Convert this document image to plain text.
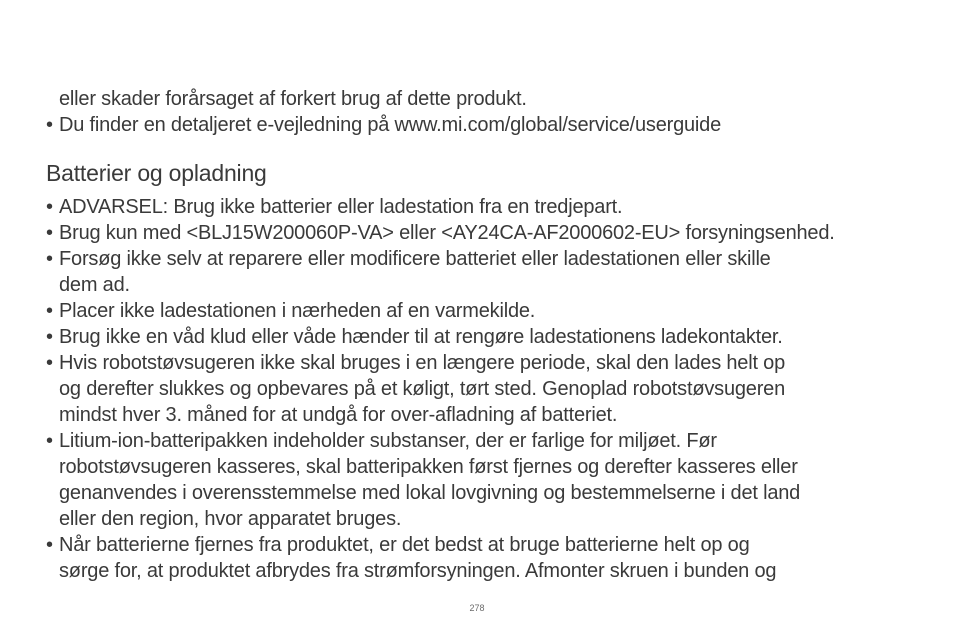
eller skader forårsaget af forkert brug af dette produkt.
• Du finder en detaljeret e-vejledning på www.mi.com/global/service/userguide
Batterier og opladning
• ADVARSEL: Brug ikke batterier eller ladestation fra en tredjepart.
• Brug kun med <BLJ15W200060P-VA> eller <AY24CA-AF2000602-EU> forsyningsenhed.
• Forsøg ikke selv at reparere eller modificere batteriet eller ladestationen eller skille
dem ad.
• Placer ikke ladestationen i nærheden af en varmekilde.
• Brug ikke en våd klud eller våde hænder til at rengøre ladestationens ladekontakter.
• Hvis robotstøvsugeren ikke skal bruges i en længere periode, skal den lades helt op
og derefter slukkes og opbevares på et køligt, tørt sted. Genoplad robotstøvsugeren
mindst hver 3. måned for at undgå for over-afladning af batteriet.
• Litium-ion-batteripakken indeholder substanser, der er farlige for miljøet. Før
robotstøvsugeren kasseres, skal batteripakken først fjernes og derefter kasseres eller
genanvendes i overensstemmelse med lokal lovgivning og bestemmelserne i det land
eller den region, hvor apparatet bruges.
• Når batterierne fjernes fra produktet, er det bedst at bruge batterierne helt op og
sørge for, at produktet afbrydes fra strømforsyningen. Afmonter skruen i bunden og
278
